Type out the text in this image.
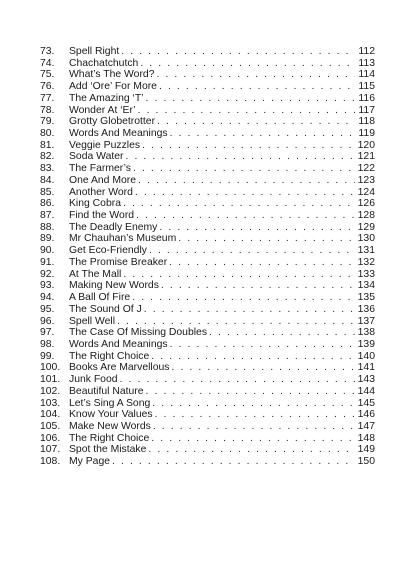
73.	Spell Right . . .	112
74.	Chachatchutch . . .	113
75.	What’s The Word? . . .	114
76.	Add ‘Ore’ For More . . .	115
77.	The Amazing ‘T’ . . .	116
78.	Wonder At ‘Er’ . . .	117
79.	Grotty Globetrotter . . .	118
80.	Words And Meanings . . .	119
81.	Veggie Puzzles . . .	120
82.	Soda Water . . .	121
83.	The Farmer’s . . .	122
84.	One And More . . .	123
85.	Another Word . . .	124
86.	King Cobra . . .	126
87.	Find the Word . . .	128
88.	The Deadly Enemy . . .	129
89.	Mr Chauhan’s Museum . . .	130
90.	Get Eco-Friendly . . .	131
91.	The Promise Breaker . . .	132
92.	At The Mall . . .	133
93.	Making New Words . . .	134
94.	A Ball Of Fire . . .	135
95.	The Sound Of J . . .	136
96.	Spell Well . . .	137
97.	The Case Of Missing Doubles . . .	138
98.	Words And Meanings . . .	139
99.	The Right Choice . . .	140
100. Books Are Marvellous . . .	141
101. Junk Food . . .	143
102. Beautiful Nature . . .	144
103. Let’s Sing A Song . . .	145
104. Know Your Values . . .	146
105. Make New Words . . .	147
106. The Right Choice . . .	148
107. Spot the Mistake . . .	149
108. My Page . . .	150
